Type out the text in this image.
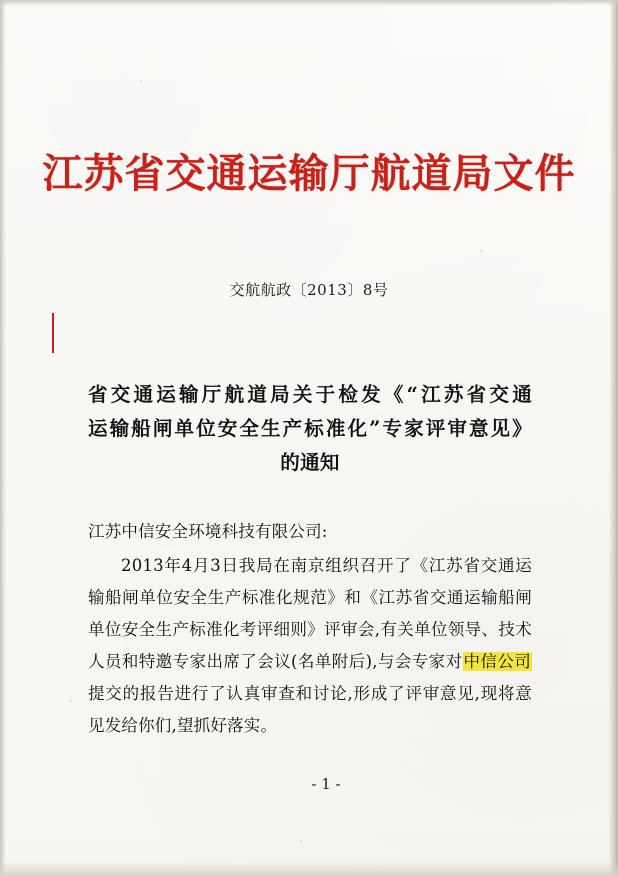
江苏省交通运输厅航道局文件
交航航政〔2013〕8号
省交通运输厅航道局关于检发《“江苏省交通
运输船闸单位安全生产标准化”专家评审意见》
的通知
江苏中信安全环境科技有限公司:

2013年4月3日我局在南京组织召开了《江苏省交通运输船闸单位安全生产标准化规范》和《江苏省交通运输船闸单位安全生产标准化考评细则》评审会,有关单位领导、技术人员和特邀专家出席了会议(名单附后),与会专家对中信公司提交的报告进行了认真审查和讨论,形成了评审意见,现将意见发给你们,望抓好落实。

- 1 -
